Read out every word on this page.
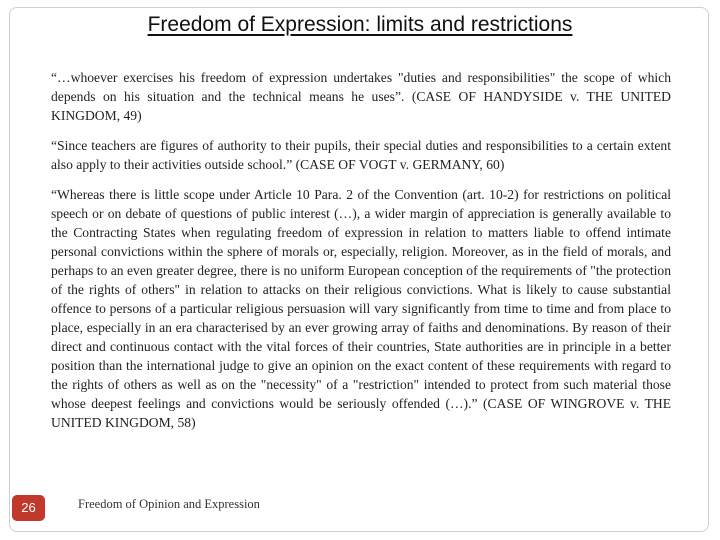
Freedom of Expression: limits and restrictions

“…whoever exercises his freedom of expression undertakes "duties and responsibilities" the scope of which depends on his situation and the technical means he uses”. (CASE OF HANDYSIDE v. THE UNITED KINGDOM, 49)

“Since teachers are figures of authority to their pupils, their special duties and responsibilities to a certain extent also apply to their activities outside school.” (CASE OF VOGT v. GERMANY, 60)

“Whereas there is little scope under Article 10 Para. 2 of the Convention (art. 10-2) for restrictions on political speech or on debate of questions of public interest (…), a wider margin of appreciation is generally available to the Contracting States when regulating freedom of expression in relation to matters liable to offend intimate personal convictions within the sphere of morals or, especially, religion. Moreover, as in the field of morals, and perhaps to an even greater degree, there is no uniform European conception of the requirements of "the protection of the rights of others" in relation to attacks on their religious convictions. What is likely to cause substantial offence to persons of a particular religious persuasion will vary significantly from time to time and from place to place, especially in an era characterised by an ever growing array of faiths and denominations. By reason of their direct and continuous contact with the vital forces of their countries, State authorities are in principle in a better position than the international judge to give an opinion on the exact content of these requirements with regard to the rights of others as well as on the "necessity" of a "restriction" intended to protect from such material those whose deepest feelings and convictions would be seriously offended (…).” (CASE OF WINGROVE v. THE UNITED KINGDOM, 58)

26	Freedom of Opinion and Expression
